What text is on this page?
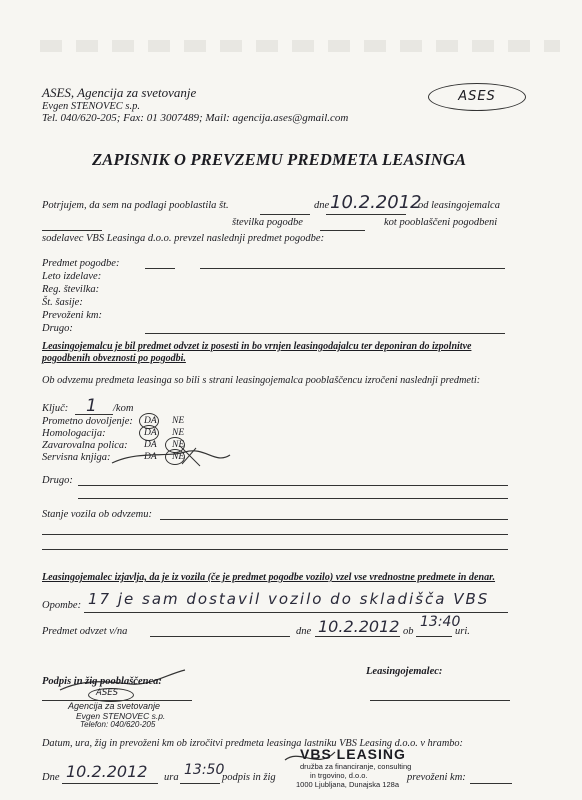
ASES, Agencija za svetovanje
Evgen STENOVEC s.p.
Tel. 040/620-205; Fax: 01 3007489; Mail: agencija.ases@gmail.com
ASES
ZAPISNIK O PREVZEMU PREDMETA LEASINGA
Potrjujem, da sem na podlagi pooblastila št.	dne 10.2.2012
od leasingojemalca
številka pogodbe	kot pooblaščeni pogodbeni
sodelavec VBS Leasinga d.o.o. prevzel naslednji predmet pogodbe:
Predmet pogodbe:
Leto izdelave:
Reg. številka:
Št. šasije:
Prevoženi km:
Drugo:
Leasingojemalcu je bil predmet odvzet iz posesti in bo vrnjen leasingodajalcu ter deponiran do izpolnitve
pogodbenih obveznosti po pogodbi.
Ob odvzemu predmeta leasinga so bili s strani leasingojemalca pooblaščencu izročeni naslednji predmeti:
Ključ: 1 /kom
Prometno dovoljenje: DA NE
Homologacija:	DA NE
Zavarovalna polica: DA NE
Servisna knjiga:	DA NE
Drugo:
Stanje vozila ob odvzemu:
Leasingojemalec izjavlja, da je iz vozila (če je predmet pogodbe vozilo) vzel vse vrednostne predmete in denar.
Opombe: 17 je sam dostavil vozilo do skladišča VBS
Predmet odvzet v/na	dne 10.2.2012 ob
13:40
uri.
Podpis in žig pooblaščenca:
Leasingojemalec:
ASES
Agencija za svetovanje
Evgen STENOVEC s.p.
Telefon: 040/620-205
Datum, ura, žig in prevoženi km ob izročitvi predmeta leasinga lastniku VBS Leasing d.o.o. v hrambo:
Dne 10.2.2012 ura 13:50
podpis in žig	prevoženi km:
VBS LEASING
družba za financiranje, consulting
in trgovino, d.o.o.
1000 Ljubljana, Dunajska 128a
